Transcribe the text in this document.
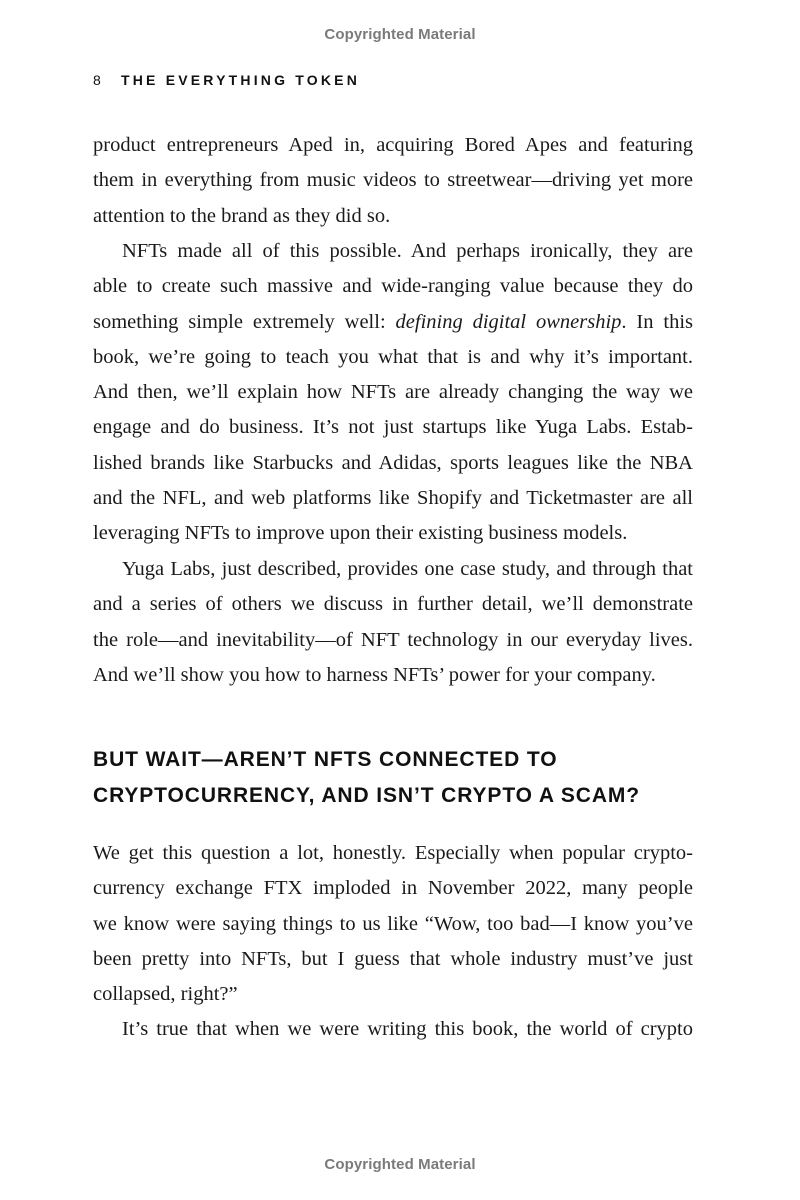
Copyrighted Material
8	THE EVERYTHING TOKEN
product entrepreneurs Aped in, acquiring Bored Apes and featuring
them in everything from music videos to streetwear—driving yet more
attention to the brand as they did so.
NFTs made all of this possible. And perhaps ironically, they are
able to create such massive and wide-ranging value because they do
something simple extremely well: defining digital ownership. In this
book, we’re going to teach you what that is and why it’s important.
And then, we’ll explain how NFTs are already changing the way we
engage and do business. It’s not just startups like Yuga Labs. Estab-
lished brands like Starbucks and Adidas, sports leagues like the NBA
and the NFL, and web platforms like Shopify and Ticketmaster are all
leveraging NFTs to improve upon their existing business models.
Yuga Labs, just described, provides one case study, and through that
and a series of others we discuss in further detail, we’ll demonstrate
the role—and inevitability—of NFT technology in our everyday lives.
And we’ll show you how to harness NFTs’ power for your company.
BUT WAIT—AREN’T NFTS CONNECTED TO
CRYPTOCURRENCY, AND ISN’T CRYPTO A SCAM?
We get this question a lot, honestly. Especially when popular crypto-
currency exchange FTX imploded in November 2022, many people
we know were saying things to us like “Wow, too bad—I know you’ve
been pretty into NFTs, but I guess that whole industry must’ve just
collapsed, right?”
It’s true that when we were writing this book, the world of crypto
Copyrighted Material
